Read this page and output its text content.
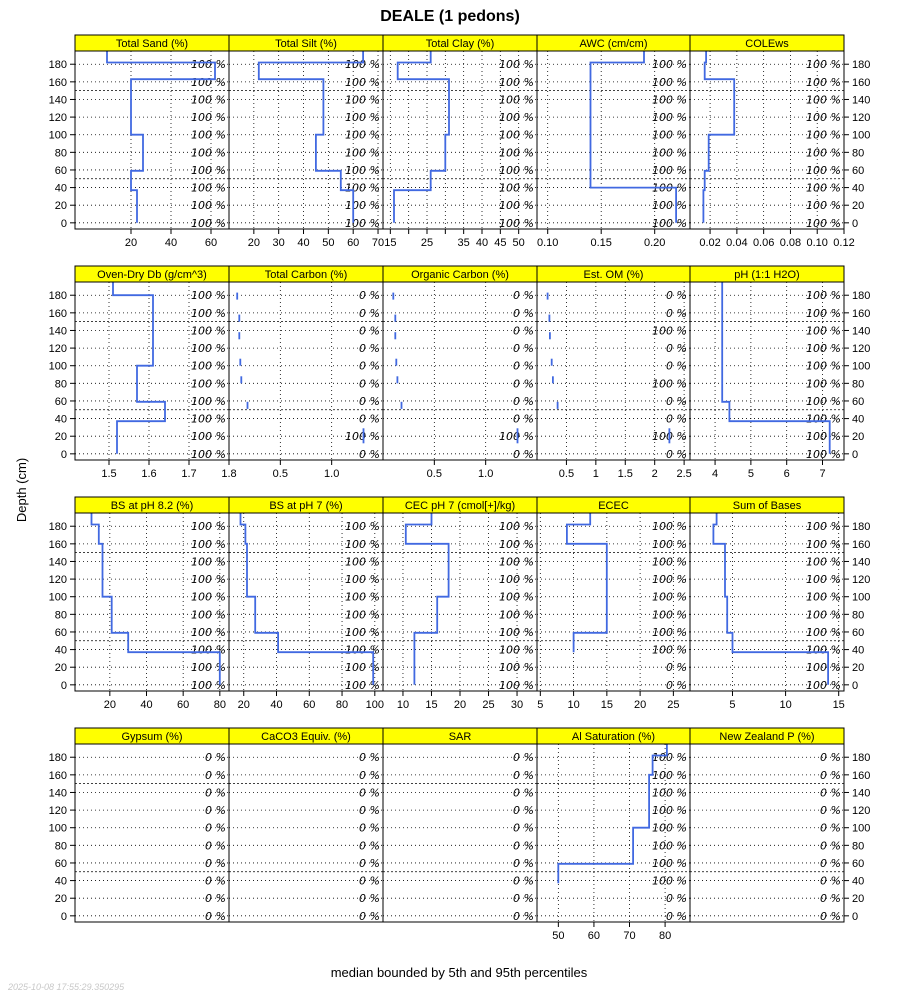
DEALE (1 pedons)
Depth (cm)
median bounded by 5th and 95th percentiles
2025-10-08 17:55:29.350295
Total Sand (%)
100 %
100 %
100 %
100 %
100 %
100 %
100 %
100 %
100 %
100 %
20	40	60
0
20
40
60
80
100
120
140
160
180
Total Silt (%)
100 %
100 %
100 %
100 %
100 %
100 %
100 %
100 %
100 %
100 %
20 30 40 50 60 70
Total Clay (%)
100 %
100 %
100 %
100 %
100 %
100 %
100 %
100 %
100 %
100 %
15 25 35 40 45 50
AWC (cm/cm)
100 %
100 %
100 %
100 %
100 %
100 %
100 %
100 %
100 %
100 %
0.10	0.15	0.20
COLEws
100 %
100 %
100 %
100 %
100 %
100 %
100 %
100 %
100 %
100 %
0.02 0.04 0.06 0.08 0.10 0.12
0
20
40
60
80
100
120
140
160
180
Oven-Dry Db (g/cm^3)
100 %
100 %
100 %
100 %
100 %
100 %
100 %
100 %
100 %
100 %
1.5 1.6 1.7 1.8
0
20
40
60
80
100
120
140
160
180
Total Carbon (%)
0 %
100 %
0 %
0 %
0 %
0 %
0 %
0 %
0 %
0 %
0.5	1.0
Organic Carbon (%)
0 %
100 %
0 %
0 %
0 %
0 %
0 %
0 %
0 %
0 %
0.5	1.0
Est. OM (%)
0 %
100 %
0 %
0 %
100 %
0 %
0 %
100 %
0 %
0 %
0.5 1 1.5 2 2.5
pH (1:1 H2O)
100 %
100 %
100 %
100 %
100 %
100 %
100 %
100 %
100 %
100 %
4	5	6	7
0
20
40
60
80
100
120
140
160
180
BS at pH 8.2 (%)
100 %
100 %
100 %
100 %
100 %
100 %
100 %
100 %
100 %
100 %
20 40 60 80
0
20
40
60
80
100
120
140
160
180
BS at pH 7 (%)
100 %
100 %
100 %
100 %
100 %
100 %
100 %
100 %
100 %
100 %
20 40 60 80 100
CEC pH 7 (cmol[+]/kg)
100 %
100 %
100 %
100 %
100 %
100 %
100 %
100 %
100 %
100 %
10 15 20 25 30
ECEC
0 %
0 %
100 %
100 %
100 %
100 %
100 %
100 %
100 %
100 %
5 10 15 20 25
Sum of Bases
100 %
100 %
100 %
100 %
100 %
100 %
100 %
100 %
100 %
100 %
5	10	15
0
20
40
60
80
100
120
140
160
180
Gypsum (%)
0 %
0 %
0 %
0 %
0 %
0 %
0 %
0 %
0 %
0 %
0
20
40
60
80
100
120
140
160
180
CaCO3 Equiv. (%)
0 %
0 %
0 %
0 %
0 %
0 %
0 %
0 %
0 %
0 %
SAR
0 %
0 %
0 %
0 %
0 %
0 %
0 %
0 %
0 %
0 %
Al Saturation (%)
0 %
0 %
100 %
100 %
100 %
100 %
100 %
100 %
100 %
100 %
50 60 70 80
New Zealand P (%)
0 %
0 %
0 %
0 %
0 %
0 %
0 %
0 %
0 %
0 %
0
20
40
60
80
100
120
140
160
180
